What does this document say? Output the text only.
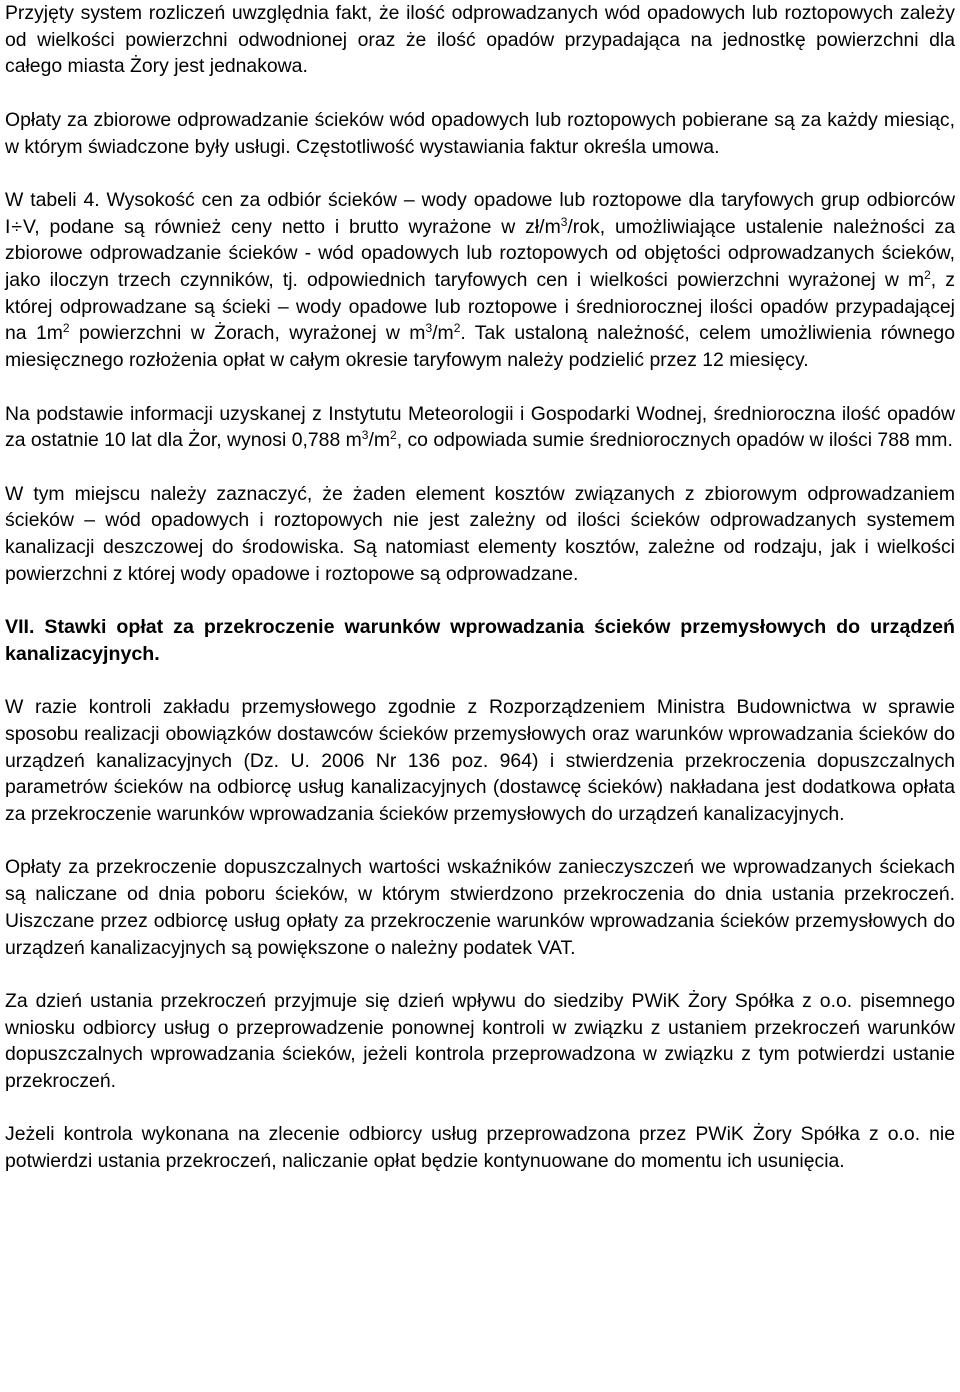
Przyjęty system rozliczeń uwzględnia fakt, że ilość odprowadzanych wód opadowych lub roztopowych zależy od wielkości powierzchni odwodnionej oraz że ilość opadów przypadająca na jednostkę powierzchni dla całego miasta Żory jest jednakowa.

Opłaty za zbiorowe odprowadzanie ścieków wód opadowych lub roztopowych pobierane są za każdy miesiąc, w którym świadczone były usługi. Częstotliwość wystawiania faktur określa umowa.

W tabeli 4. Wysokość cen za odbiór ścieków – wody opadowe lub roztopowe dla taryfowych grup odbiorców I÷V, podane są również ceny netto i brutto wyrażone w $zł/m^3$/rok, umożliwiające ustalenie należności za zbiorowe odprowadzanie ścieków - wód opadowych lub roztopowych od objętości odprowadzanych ścieków, jako iloczyn trzech czynników, tj. odpowiednich taryfowych cen i wielkości powierzchni wyrażonej w $m^2$, z której odprowadzane są ścieki – wody opadowe lub roztopowe i średniorocznej ilości opadów przypadającej na $1m^2$ powierzchni w Żorach, wyrażonej w $m^3/m^2$. Tak ustaloną należność, celem umożliwienia równego miesięcznego rozłożenia opłat w całym okresie taryfowym należy podzielić przez 12 miesięcy.

Na podstawie informacji uzyskanej z Instytutu Meteorologii i Gospodarki Wodnej, średnioroczna ilość opadów za ostatnie 10 lat dla Żor, wynosi 0,788 $m^3/m^2$, co odpowiada sumie średniorocznych opadów w ilości 788 mm.

W tym miejscu należy zaznaczyć, że żaden element kosztów związanych z zbiorowym odprowadzaniem ścieków – wód opadowych i roztopowych nie jest zależny od ilości ścieków odprowadzanych systemem kanalizacji deszczowej do środowiska. Są natomiast elementy kosztów, zależne od rodzaju, jak i wielkości powierzchni z której wody opadowe i roztopowe są odprowadzane.

VII. Stawki opłat za przekroczenie warunków wprowadzania ścieków przemysłowych do urządzeń kanalizacyjnych.

W razie kontroli zakładu przemysłowego zgodnie z Rozporządzeniem Ministra Budownictwa w sprawie sposobu realizacji obowiązków dostawców ścieków przemysłowych oraz warunków wprowadzania ścieków do urządzeń kanalizacyjnych (Dz. U. 2006 Nr 136 poz. 964) i stwierdzenia przekroczenia dopuszczalnych parametrów ścieków na odbiorcę usług kanalizacyjnych (dostawcę ścieków) nakładana jest dodatkowa opłata za przekroczenie warunków wprowadzania ścieków przemysłowych do urządzeń kanalizacyjnych.

Opłaty za przekroczenie dopuszczalnych wartości wskaźników zanieczyszczeń we wprowadzanych ściekach są naliczane od dnia poboru ścieków, w którym stwierdzono przekroczenia do dnia ustania przekroczeń. Uiszczane przez odbiorcę usług opłaty za przekroczenie warunków wprowadzania ścieków przemysłowych do urządzeń kanalizacyjnych są powiększone o należny podatek VAT.

Za dzień ustania przekroczeń przyjmuje się dzień wpływu do siedziby PWiK Żory Spółka z o.o. pisemnego wniosku odbiorcy usług o przeprowadzenie ponownej kontroli w związku z ustaniem przekroczeń warunków dopuszczalnych wprowadzania ścieków, jeżeli kontrola przeprowadzona w związku z tym potwierdzi ustanie przekroczeń.

Jeżeli kontrola wykonana na zlecenie odbiorcy usług przeprowadzona przez PWiK Żory Spółka z o.o. nie potwierdzi ustania przekroczeń, naliczanie opłat będzie kontynuowane do momentu ich usunięcia.
